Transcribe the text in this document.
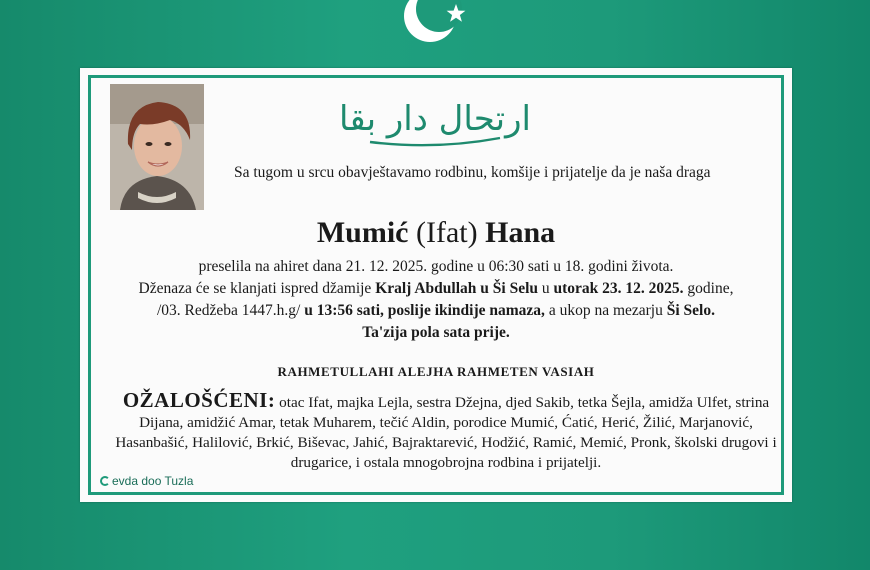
ارتحال دار بقا
Sa tugom u srcu obavještavamo rodbinu, komšije i prijatelje da je naša draga
Mumić (Ifat) Hana
preselila na ahiret dana 21. 12. 2025. godine u 06:30 sati u 18. godini života.
Dženaza će se klanjati ispred džamije Kralj Abdullah u Ši Selu u utorak 23. 12. 2025. godine,
/03. Redžeba 1447.h.g/ u 13:56 sati, poslije ikindije namaza, a ukop na mezarju Ši Selo.
Ta'zija pola sata prije.
RAHMETULLAHI ALEJHA RAHMETEN VASIAH
OŽALOŠĆENI: otac Ifat, majka Lejla, sestra Džejna, djed Sakib, tetka Šejla, amidža Ulfet, strina Dijana, amidžić Amar, tetak Muharem, tečić Aldin, porodice Mumić, Ćatić, Herić, Žilić, Marjanović, Hasanbašić, Halilović, Brkić, Biševac, Jahić, Bajraktarević, Hodžić, Ramić, Memić, Pronk, školski drugovi i drugarice, i ostala mnogobrojna rodbina i prijatelji.
evda doo Tuzla
